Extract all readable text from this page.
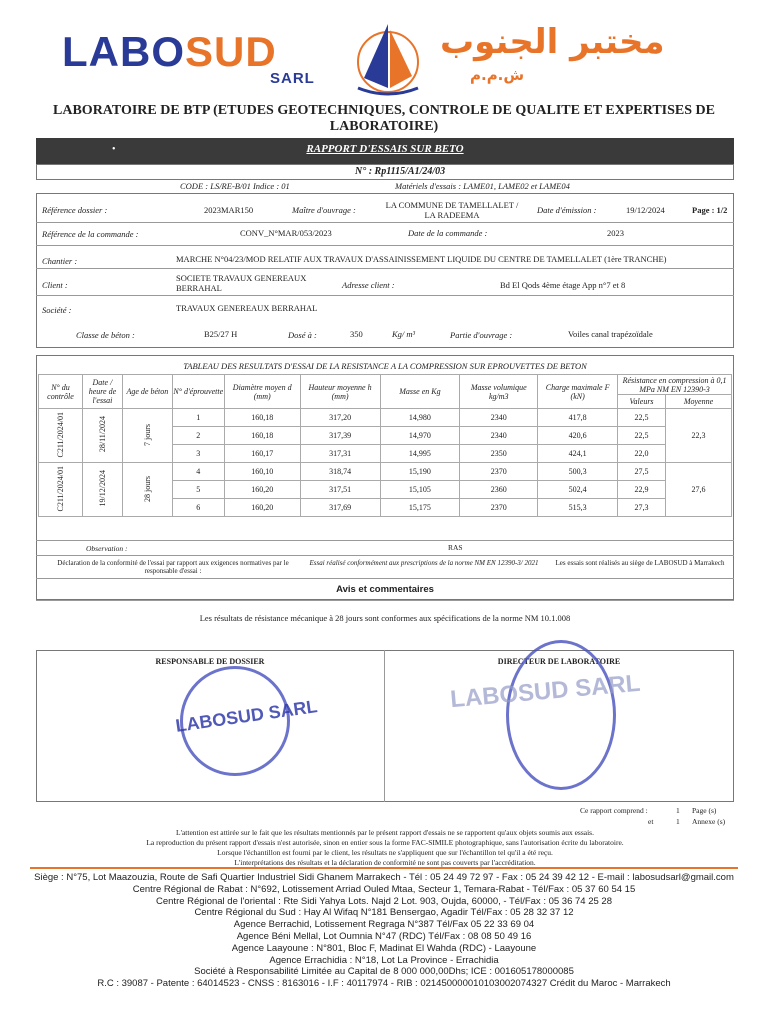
LABOSUD
SARL
مختبر الجنوب
ش.م.م
LABORATOIRE DE BTP (ETUDES GEOTECHNIQUES, CONTROLE DE QUALITE ET EXPERTISES DE LABORATOIRE)
RAPPORT D'ESSAIS SUR BETO
•
N° : Rp1115/A1/24/03
CODE : LS/RE-B/01 Indice : 01	Matériels d'essais : LAME01, LAME02 et LAME04
Référence dossier :	2023MAR150	Maître d'ouvrage :	LA COMMUNE DE TAMELLALET /
LA RADEEMA	Date d'émission :	19/12/2024	Page : 1/2
Référence de la commande :	CONV_N°MAR/053/2023	Date de la commande :	2023
Chantier :	MARCHE N°04/23/MOD RELATIF AUX TRAVAUX D'ASSAINISSEMENT LIQUIDE DU CENTRE DE TAMELLALET (1ère TRANCHE)
Client :
SOCIETE TRAVAUX GENEREAUX
BERRAHAL	Adresse client :	Bd El Qods 4ème étage App n°7 et 8
Société :	TRAVAUX GENEREAUX BERRAHAL
Classe de béton :	B25/27 H	Dosé à :	350	Kg/ m³	Partie d'ouvrage :	Voiles canal trapézoïdale
TABLEAU DES RESULTATS D'ESSAI DE LA RESISTANCE A LA COMPRESSION SUR EPROUVETTES DE BETON
N° du contrôle	Date / heure de l'essai	Age de béton	N° d'éprouvette	Diamètre moyen d (mm)	Hauteur moyenne h (mm)	Masse en Kg	Masse volumique kg/m3	Charge maximale F (kN)	Résistance en compression à 0,1 MPa NM EN 12390-3	
									Valeurs	Moyenne
C211/2024/01	28/11/2024	7 jours	1	160,18	317,20	14,980	2340	417,8	22,5	22,3
			2	160,18	317,39	14,970	2340	420,6	22,5	
			3	160,17	317,31	14,995	2350	424,1	22,0	
C211/2024/01	19/12/2024	28 jours	4	160,10	318,74	15,190	2370	500,3	27,5	27,6
			5	160,20	317,51	15,105	2360	502,4	22,9	
			6	160,20	317,69	15,175	2370	515,3	27,3	
Observation :	RAS
Déclaration de la conformité de l'essai par rapport aux exigences normatives par le responsable d'essai :
Essai réalisé conformément aux prescriptions de la norme NM EN 12390-3/ 2021	Les essais sont réalisés au siège de LABOSUD à Marrakech
Avis et commentaires
Les résultats de résistance mécanique à 28 jours sont conformes aux spécifications de la norme NM 10.1.008
RESPONSABLE DE DOSSIER	DIRECTEUR DE LABORATOIRE
LABOSUD SARL
LABOSUD SARL
Ce rapport comprend :	1 Page (s)
et	1 Annexe (s)
L'attention est attirée sur le fait que les résultats mentionnés par le présent rapport d'essais ne se rapportent qu'aux objets soumis aux essais.
La reproduction du présent rapport d'essais n'est autorisée, sinon en entier sous la forme FAC-SIMILE photographique, sans l'autorisation écrite du laboratoire.
Lorsque l'échantillon est fourni par le client, les résultats ne s'appliquent que sur l'échantillon tel qu'il a été reçu.
L'interprétations des résultats et la déclaration de conformité ne sont pas couverts par l'accréditation.
Siège : N°75, Lot Maazouzia, Route de Safi Quartier Industriel Sidi Ghanem Marrakech - Tél : 05 24 49 72 97 - Fax : 05 24 39 42 12 - E-mail : labosudsarl@gmail.com
Centre Régional de Rabat : N°692, Lotissement Arriad Ouled Mtaa, Secteur 1, Temara-Rabat - Tél/Fax : 05 37 60 54 15
Centre Régional de l'oriental : Rte Sidi Yahya Lots. Najd 2 Lot. 903, Oujda, 60000, - Tél/Fax : 05 36 74 25 28
Centre Régional du Sud : Hay Al Wifaq N°181 Bensergao, Agadir Tél/Fax : 05 28 32 37 12
Agence Berrachid, Lotissement Regraga N°387 Tél/Fax 05 22 33 69 04
Agence Béni Mellal, Lot Oumnia N°47 (RDC) Tél/Fax : 08 08 50 49 16
Agence Laayoune : N°801, Bloc F, Madinat El Wahda (RDC) - Laayoune
Agence Errachidia : N°18, Lot La Province - Errachidia
Société à Responsabilité Limitée au Capital de 8 000 000,00Dhs; ICE : 001605178000085
R.C : 39087 - Patente : 64014523 - CNSS : 8163016 - I.F : 40117974 - RIB : 021450000010103002074327 Crédit du Maroc - Marrakech
